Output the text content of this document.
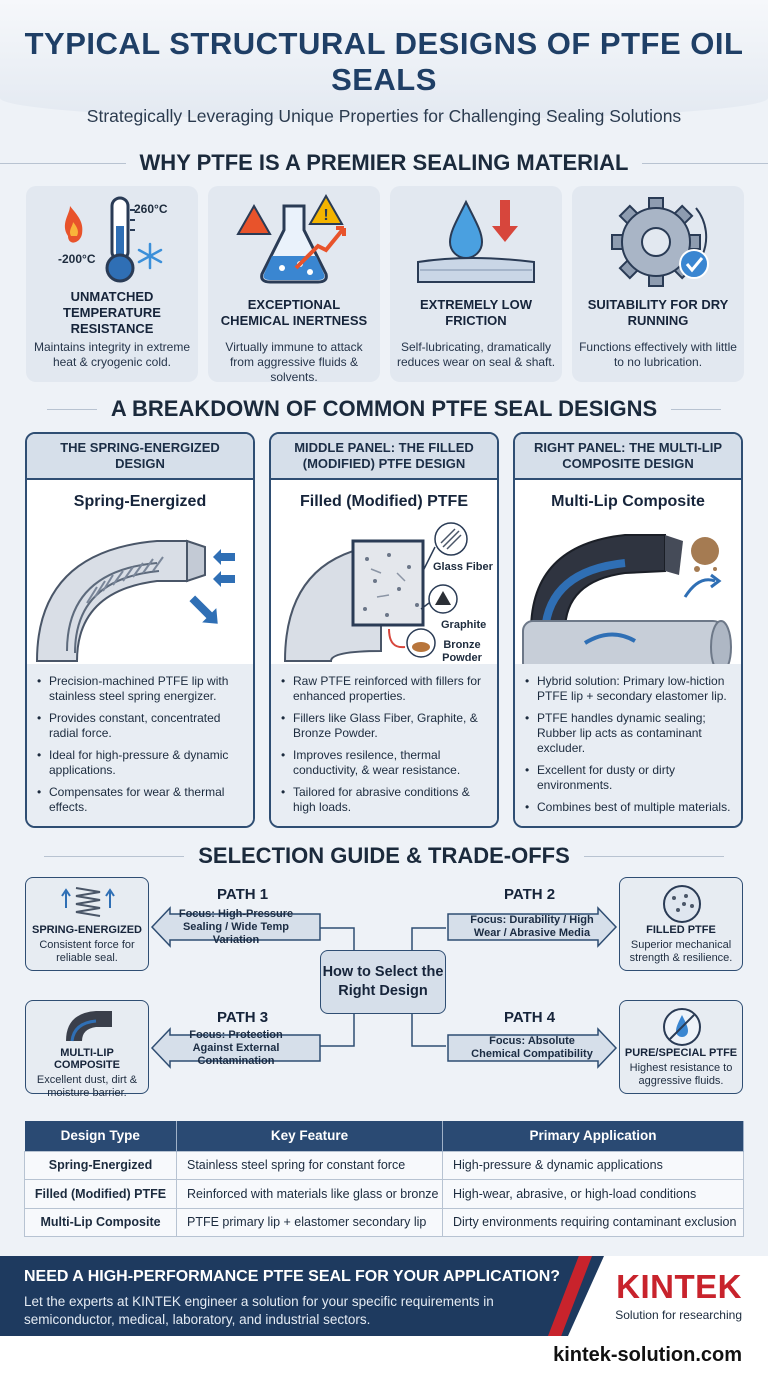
TYPICAL STRUCTURAL DESIGNS OF PTFE OIL SEALS
Strategically Leveraging Unique Properties for Challenging Sealing Solutions
WHY PTFE IS A PREMIER SEALING MATERIAL
260°C
-200°C
UNMATCHED TEMPERATURE RESISTANCE
Maintains integrity in extreme heat & cryogenic cold.
!
EXCEPTIONAL CHEMICAL INERTNESS
Virtually immune to attack from aggressive fluids & solvents.
EXTREMELY LOW FRICTION
Self-lubricating, dramatically reduces wear on seal & shaft.
SUITABILITY FOR DRY RUNNING
Functions effectively with little to no lubrication.
A BREAKDOWN OF COMMON PTFE SEAL DESIGNS
THE SPRING-ENERGIZED DESIGN
Spring-Energized
• Precision-machined PTFE lip with stainless steel spring energizer.
• Provides constant, concentrated radial force.
• Ideal for high-pressure & dynamic applications.
• Compensates for wear & thermal effects.
MIDDLE PANEL: THE FILLED (MODIFIED) PTFE DESIGN
Filled (Modified) PTFE
Glass Fiber
Graphite
Bronze Powder
• Raw PTFE reinforced with fillers for enhanced properties.
• Fillers like Glass Fiber, Graphite, & Bronze Powder.
• Improves resilence, thermal conductivity, & wear resistance.
• Tailored for abrasive conditions & high loads.
RIGHT PANEL: THE MULTI-LIP COMPOSITE DESIGN
Multi-Lip Composite
• Hybrid solution: Primary low-hiction PTFE lip + secondary elastomer lip.
• PTFE handles dynamic sealing; Rubber lip acts as contaminant excluder.
• Excellent for dusty or dirty environments.
• Combines best of multiple materials.
SELECTION GUIDE & TRADE-OFFS
SPRING-ENERGIZED
Consistent force for reliable seal.
FILLED PTFE
Superior mechanical strength & resilience.
MULTI-LIP COMPOSITE
Excellent dust, dirt & moisture barrier.
PURE/SPECIAL PTFE
Highest resistance to aggressive fluids.
PATH 1	PATH 2
PATH 3	PATH 4
Focus: High-Pressure Sealing / Wide Temp Variation
Focus: Durability / High Wear / Abrasive Media
Focus: Protection Against External Contamination
Focus: Absolute Chemical Compatibility
How to Select the Right Design
Design Type	Key Feature	Primary Application
Spring-Energized	Stainless steel spring for constant force	High-pressure & dynamic applications
Filled (Modified) PTFE	Reinforced with materials like glass or bronze	High-wear, abrasive, or high-load conditions
Multi-Lip Composite	PTFE primary lip + elastomer secondary lip	Dirty environments requiring contaminant exclusion
NEED A HIGH-PERFORMANCE PTFE SEAL FOR YOUR APPLICATION?
Let the experts at KINTEK engineer a solution for your specific requirements in semiconductor, medical, laboratory, and industrial sectors.
KINTEK
Solution for researching
kintek-solution.com
